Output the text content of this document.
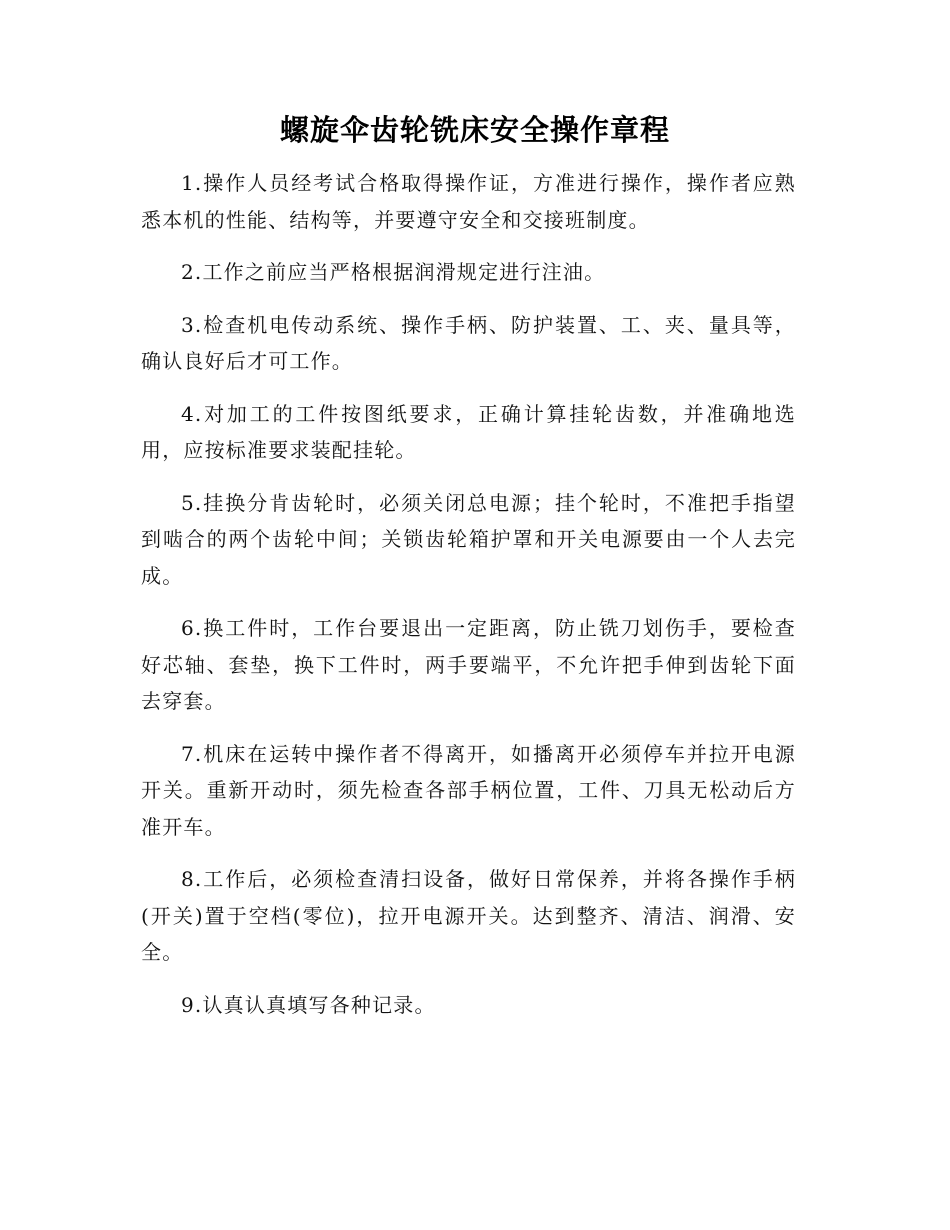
螺旋伞齿轮铣床安全操作章程

1.操作人员经考试合格取得操作证，方准进行操作，操作者应熟悉本机的性能、结构等，并要遵守安全和交接班制度。

2.工作之前应当严格根据润滑规定进行注油。

3.检查机电传动系统、操作手柄、防护装置、工、夹、量具等，确认良好后才可工作。

4.对加工的工件按图纸要求，正确计算挂轮齿数，并准确地选用，应按标准要求装配挂轮。

5.挂换分肯齿轮时，必须关闭总电源；挂个轮时，不准把手指望到啮合的两个齿轮中间；关锁齿轮箱护罩和开关电源要由一个人去完成。

6.换工件时，工作台要退出一定距离，防止铣刀划伤手，要检查好芯轴、套垫，换下工件时，两手要端平，不允许把手伸到齿轮下面去穿套。

7.机床在运转中操作者不得离开，如播离开必须停车并拉开电源开关。重新开动时，须先检查各部手柄位置，工件、刀具无松动后方准开车。

8.工作后，必须检查清扫设备，做好日常保养，并将各操作手柄(开关)置于空档(零位)，拉开电源开关。达到整齐、清洁、润滑、安全。

9.认真认真填写各种记录。
